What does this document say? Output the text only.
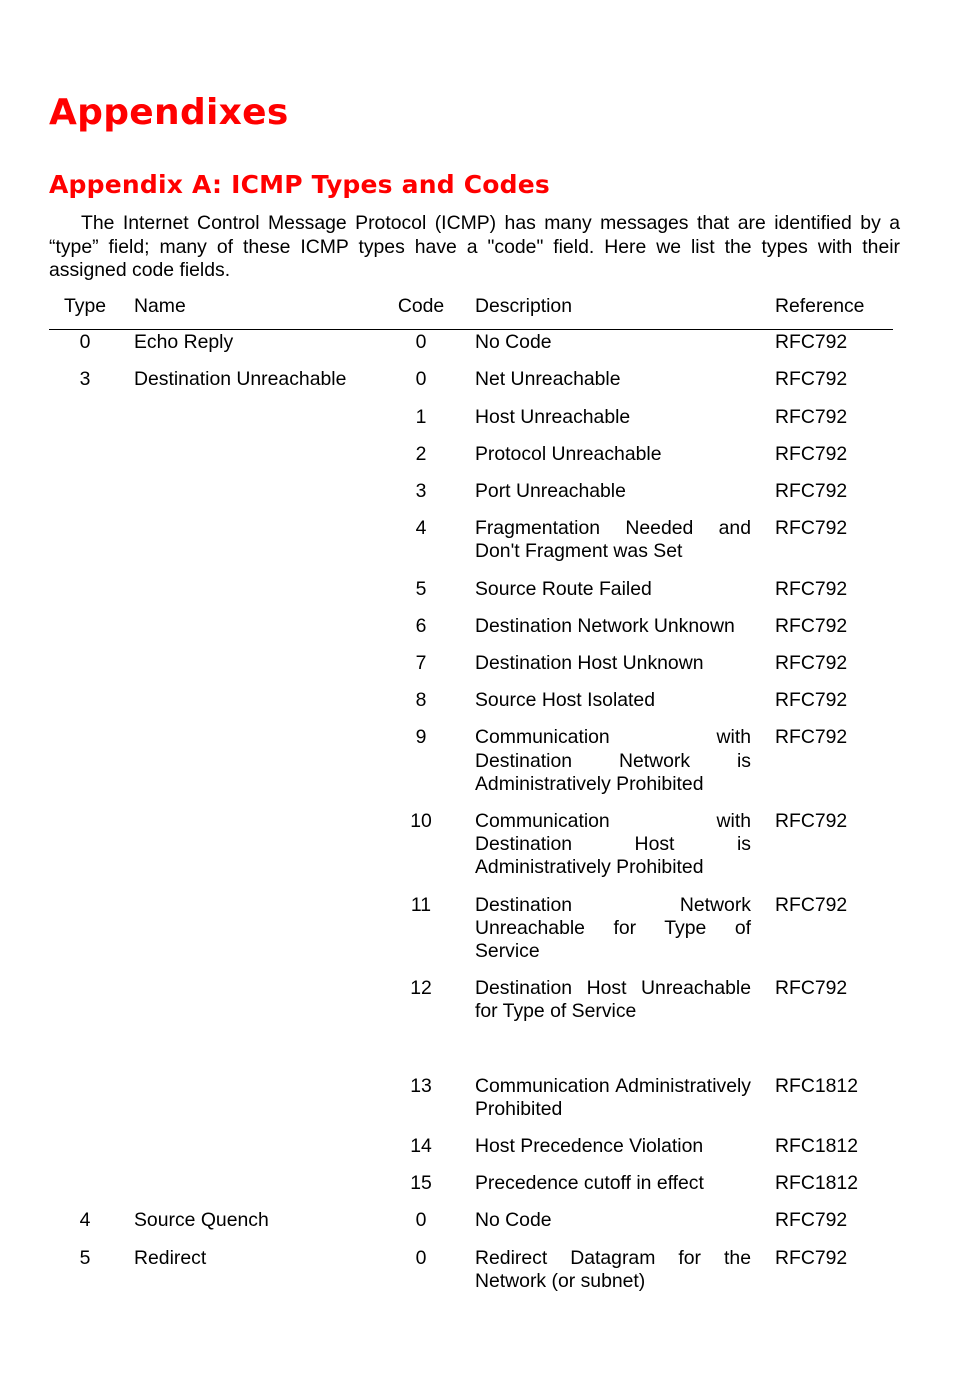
Appendixes
Appendix A: ICMP Types and Codes

The Internet Control Message Protocol (ICMP) has many messages that are identified by a “type” field; many of these ICMP types have a "code" field. Here we list the types with their assigned code fields.

Type	Name	Code	Description	Reference
0	Echo Reply	0	No Code	RFC792
3	Destination Unreachable	0	Net Unreachable	RFC792
		1	Host Unreachable	RFC792
		2	Protocol Unreachable	RFC792
		3	Port Unreachable	RFC792
		4	Fragmentation Needed and Don't Fragment was Set	RFC792
		5	Source Route Failed	RFC792
		6	Destination Network Unknown	RFC792
		7	Destination Host Unknown	RFC792
		8	Source Host Isolated	RFC792
		9	Communication with Destination Network is Administratively Prohibited	RFC792
		10	Communication with Destination Host is Administratively Prohibited	RFC792
		11	Destination Network Unreachable for Type of Service	RFC792
		12	Destination Host Unreachable for Type of Service	RFC792
		13	Communication Administratively Prohibited	RFC1812
		14	Host Precedence Violation	RFC1812
		15	Precedence cutoff in effect	RFC1812
4	Source Quench	0	No Code	RFC792
5	Redirect	0	Redirect Datagram for the Network (or subnet)	RFC792
